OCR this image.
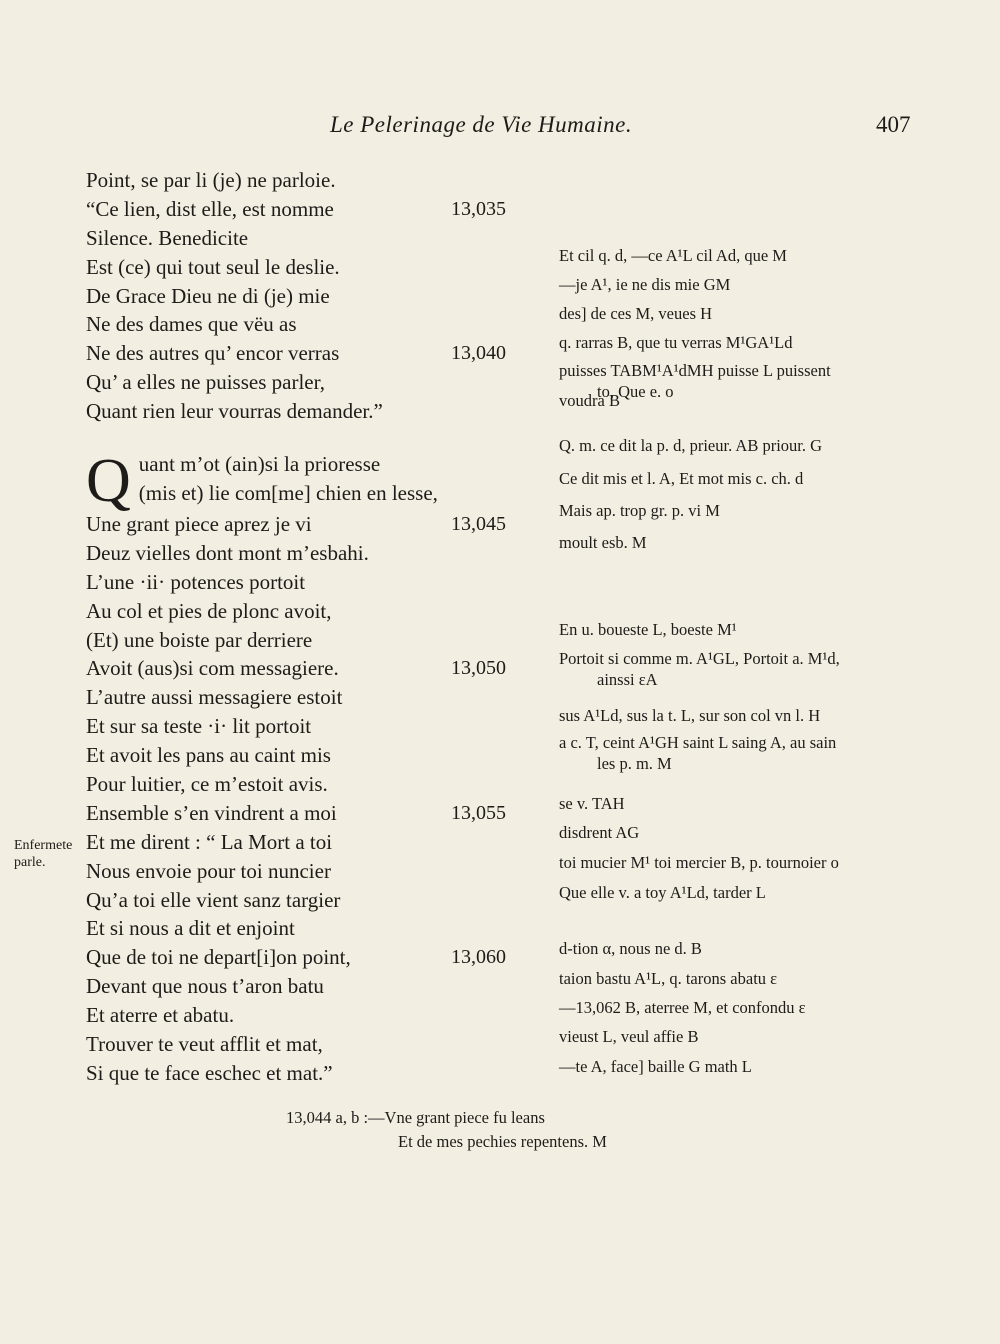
Le Pelerinage de Vie Humaine.	407
Point, se par li (je) ne parloie.
“Ce lien, dist elle, est nomme	13,035
Silence. Benedicite
Est (ce) qui tout seul le deslie.
De Grace Dieu ne di (je) mie
Ne des dames que vëu as
Ne des autres qu’ encor verras	13,040
Qu’ a elles ne puisses parler,
Quant rien leur vourras demander.”
Q uant m’ot (ain)si la prioresse
(mis et) lie com[me] chien en lesse,
Une grant piece aprez je vi	13,045
Deuz vielles dont mont m’esbahi.
L’une ·ii· potences portoit
Au col et pies de plonc avoit,
(Et) une boiste par derriere
Avoit (aus)si com messagiere.	13,050
L’autre aussi messagiere estoit
Et sur sa teste ·i· lit portoit
Et avoit les pans au caint mis
Pour luitier, ce m’estoit avis.
Ensemble s’en vindrent a moi	13,055
Et me dirent : “ La Mort a toi
Nous envoie pour toi nuncier
Qu’a toi elle vient sanz targier
Et si nous a dit et enjoint
Que de toi ne depart[i]on point,	13,060
Devant que nous t’aron batu
Et aterre et abatu.
Trouver te veut afflit et mat,
Si que te face eschec et mat.”
Enfermete
parle.
Et cil q. d, —ce A¹L cil Ad, que M
—je A¹, ie ne dis mie GM
des] de ces M, veues H
q. rarras B, que tu verras M¹GA¹Ld
puisses TABM¹A¹dMH puisse L puissent
to, Que e. o
voudra B
Q. m. ce dit la p. d, prieur. AB priour. G
Ce dit mis et l. A, Et mot mis c. ch. d
Mais ap. trop gr. p. vi M
moult esb. M
En u. boueste L, boeste M¹
Portoit si comme m. A¹GL, Portoit a. M¹d,
ainssi εA
sus A¹Ld, sus la t. L, sur son col vn l. H
a c. T, ceint A¹GH saint L saing A, au sain
les p. m. M
se v. TAH
disdrent AG
toi mucier M¹ toi mercier B, p. tournoier o
Que elle v. a toy A¹Ld, tarder L
d-tion α, nous ne d. B
taion bastu A¹L, q. tarons abatu ε
—13,062 B, aterree M, et confondu ε
vieust L, veul affie B
—te A, face] baille G math L
13,044 a, b :—Vne grant piece fu leans
Et de mes pechies repentens. M
